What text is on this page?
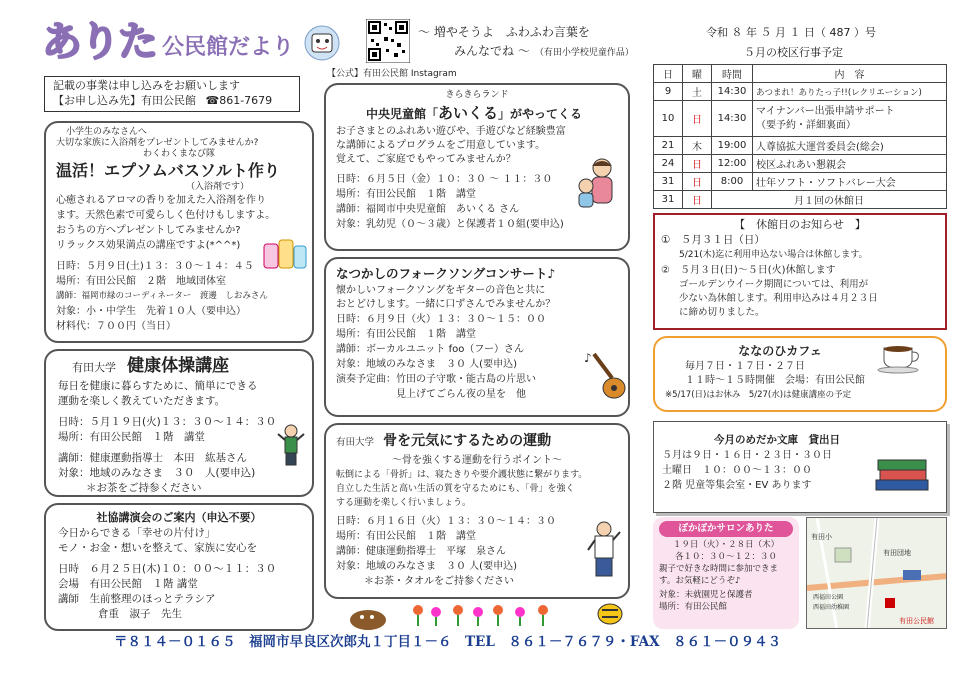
ありた 公民館だより
【公式】有田公民館 Instagram
～ 増やそうよ　ふわふわ言葉を
みんなでね ～ （有田小学校児童作品）
令和 ８ 年 ５ 月 １ 日（ 487 ）号
５月の校区行事予定
日	曜	時間	内　容
9	土	14:30	あつまれ！ありたっ子!!(レクリエーション)
10	日	14:30	マイナンバー出張申請サポート
（要予約・詳細裏面）
21	木	19:00	人尊協拡大運営委員会(総会)
24	日	12:00	校区ふれあい懇親会
31	日	8:00	壮年ソフト・ソフトバレー大会
31	日	月１回の休館日	
記載の事業は申し込みをお願いします
【お申し込み先】有田公民館 ☎861-7679
小学生のみなさんへ
大切な家族に入浴剤をプレゼントしてみませんか?
わくわくまなび隊
温活！エプソムバスソルト作り
（入浴剤です）
心癒されるアロマの香りを加えた入浴剤を作り
ます。天然色素で可愛らしく色付けもしますよ。
おうちの方へプレゼントしてみませんか?
リラックス効果満点の講座ですよ(*^^*)
日時：５月９日(土)１３：３０～１４：４５
場所：有田公民館　２階　地域団体室
講師：福岡市緑のコーディネーター　渡邊　しおみさん
対象：小・中学生　先着１０人（要申込）
材料代：７００円（当日）
有田大学 健康体操講座
毎日を健康に暮らすために、簡単にできる
運動を楽しく教えていただきます。
日時：５月１９日(火)１３：３０～１４：３０
場所：有田公民館　１階　講堂
講師：健康運動指導士　本田　紘基さん
対象：地域のみなさま　３０　人(要申込)
＊お茶をご持参ください
社協講演会のご案内（申込不要）
今日からできる「幸せの片付け」
モノ・お金・想いを整えて、家族に安心を
日時　６月２５日(木)１０：００～１１：３０
会場　有田公民館　１階 講堂
講師　生前整理のほっとテラシア
倉重　淑子　先生
きらきらランド
中央児童館「あいくる」がやってくる
お子さまとのふれあい遊びや、手遊びなど経験豊富
な講師によるプログラムをご用意しています。
覚えて、ご家庭でもやってみませんか？
日時：６月５日（金）１０：３０ ～ １１：３０
場所：有田公民館　１階　講堂
講師：福岡市中央児童館　あいくる さん
対象：乳幼児（０～３歳）と保護者１０組(要申込)
なつかしのフォークソングコンサート♪
懐かしいフォークソングをギターの音色と共に
おとどけします。一緒に口ずさんでみませんか？
日時：６月９日（火）１３：３０～１５：００
場所：有田公民館　１階　講堂
講師：ボーカルユニット foo（フー）さん
対象：地域のみなさま　３０ 人(要申込)
演奏予定曲：竹田の子守歌・能古島の片思い
見上げてごらん夜の星を　他
♪
有田大学 骨を元気にするための運動
～骨を強くする運動を行うポイント～
転倒による「骨折」は、寝たきりや要介護状態に繋がります。
自立した生活と高い生活の質を守るためにも、「骨」を強く
する運動を楽しく行いましょう。
日時：６月１６日（火）１３：３０～１４：３０
場所：有田公民館　１階　講堂
講師：健康運動指導士　平塚　泉さん
対象：地域のみなさま　３０ 人(要申込)
＊お茶・タオルをご持参ください
【　休館日のお知らせ　】
①　５月３１日（日）
5/21(木)迄に利用申込ない場合は休館します。
②　５月３日(日)～５日(火)休館します
ゴールデンウイーク期間については、利用が
少ない為休館します。利用申込みは４月２３日
に締め切りました。
ななのひカフェ
毎月７日・１７日・２７日
１１時～１５時開催　会場：有田公民館
※5/17(日)はお休み　5/27(水)は健康講座の予定
今月のめだか文庫　貸出日
５月は９日・１６日・２３日・３０日
土曜日　１０：００～１３：００
２階 児童等集会室・EV あります
ぽかぽかサロンありた
１９日（火）・２８日（木）
各１０：３０～１２：３０
親子で好きな時間に参加できま
す。お気軽にどうぞ♪
対象：未就園児と保護者
場所：有田公民館
有田小
有田団地
西福田公園
西福田幼稚園
有田公民館
〒８１４－０１６５　福岡市早良区次郎丸１丁目１－６　TEL　８６１－７６７９・FAX　８６１－０９４３
